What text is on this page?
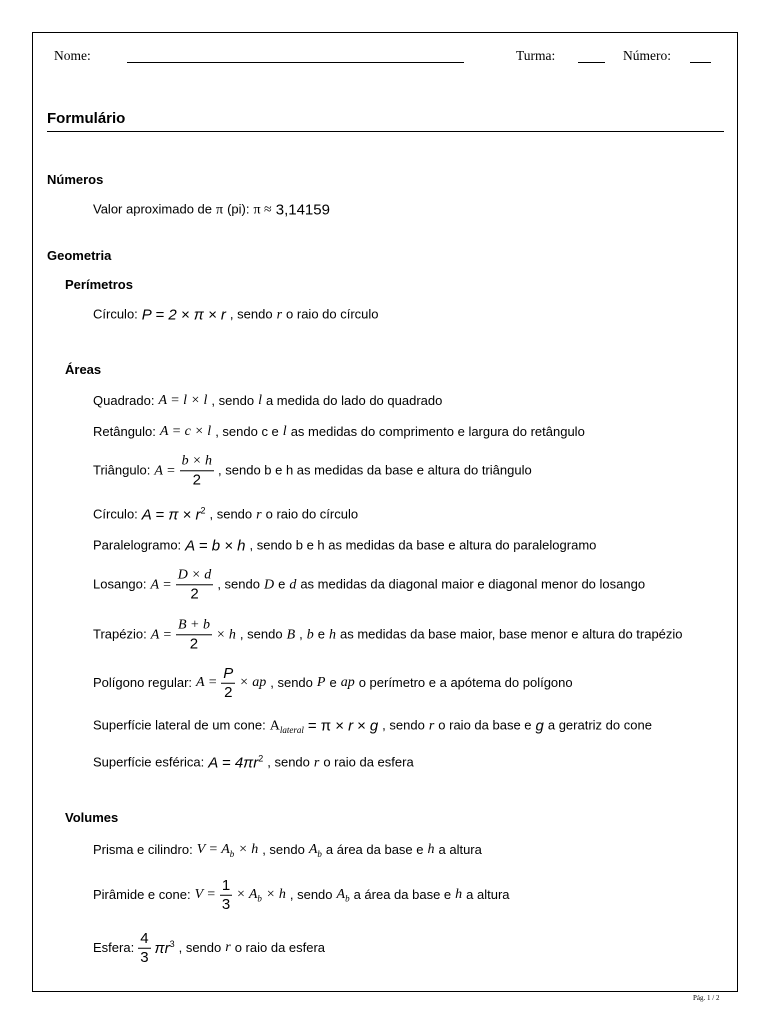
Nome:	Turma:	Número:
Formulário
Números
Valor aproximado de π (pi): π ≈ 3,14159
Geometria
Perímetros
Círculo: P = 2 × π × r , sendo r o raio do círculo
Áreas
Quadrado: A = l × l , sendo l a medida do lado do quadrado
Retângulo: A = c × l , sendo c e l as medidas do comprimento e largura do retângulo
Triângulo: $A = \frac{b \times h}{2}$ , sendo b e h as medidas da base e altura do triângulo
Círculo: $A = \pi \times r^2$ , sendo r o raio do círculo
Paralelogramo: A = b × h , sendo b e h as medidas da base e altura do paralelogramo
Losango: $A = \frac{D \times d}{2}$ , sendo D e d as medidas da diagonal maior e diagonal menor do losango
Trapézio: $A = \frac{B + b}{2} \times h$ , sendo B , b e h as medidas da base maior, base menor e altura do trapézio
Polígono regular: $A = \frac{P}{2}$ × ap , sendo P e ap o perímetro e a apótema do polígono
Superfície lateral de um cone: $A_{lateral} = \pi \times r \times g$ , sendo r o raio da base e g a geratriz do cone
Superfície esférica: $A = 4\pi r^2$ , sendo r o raio da esfera
Volumes
Prisma e cilindro: $V = A_b \times h$ , sendo $A_b$ a área da base e h a altura
Pirâmide e cone: $V = \frac{1}{3} \times A_b \times h$ , sendo $A_b$ a área da base e h a altura
Esfera: $\frac{4}{3} \pi r^3$ , sendo r o raio da esfera
Pág. 1 / 2
